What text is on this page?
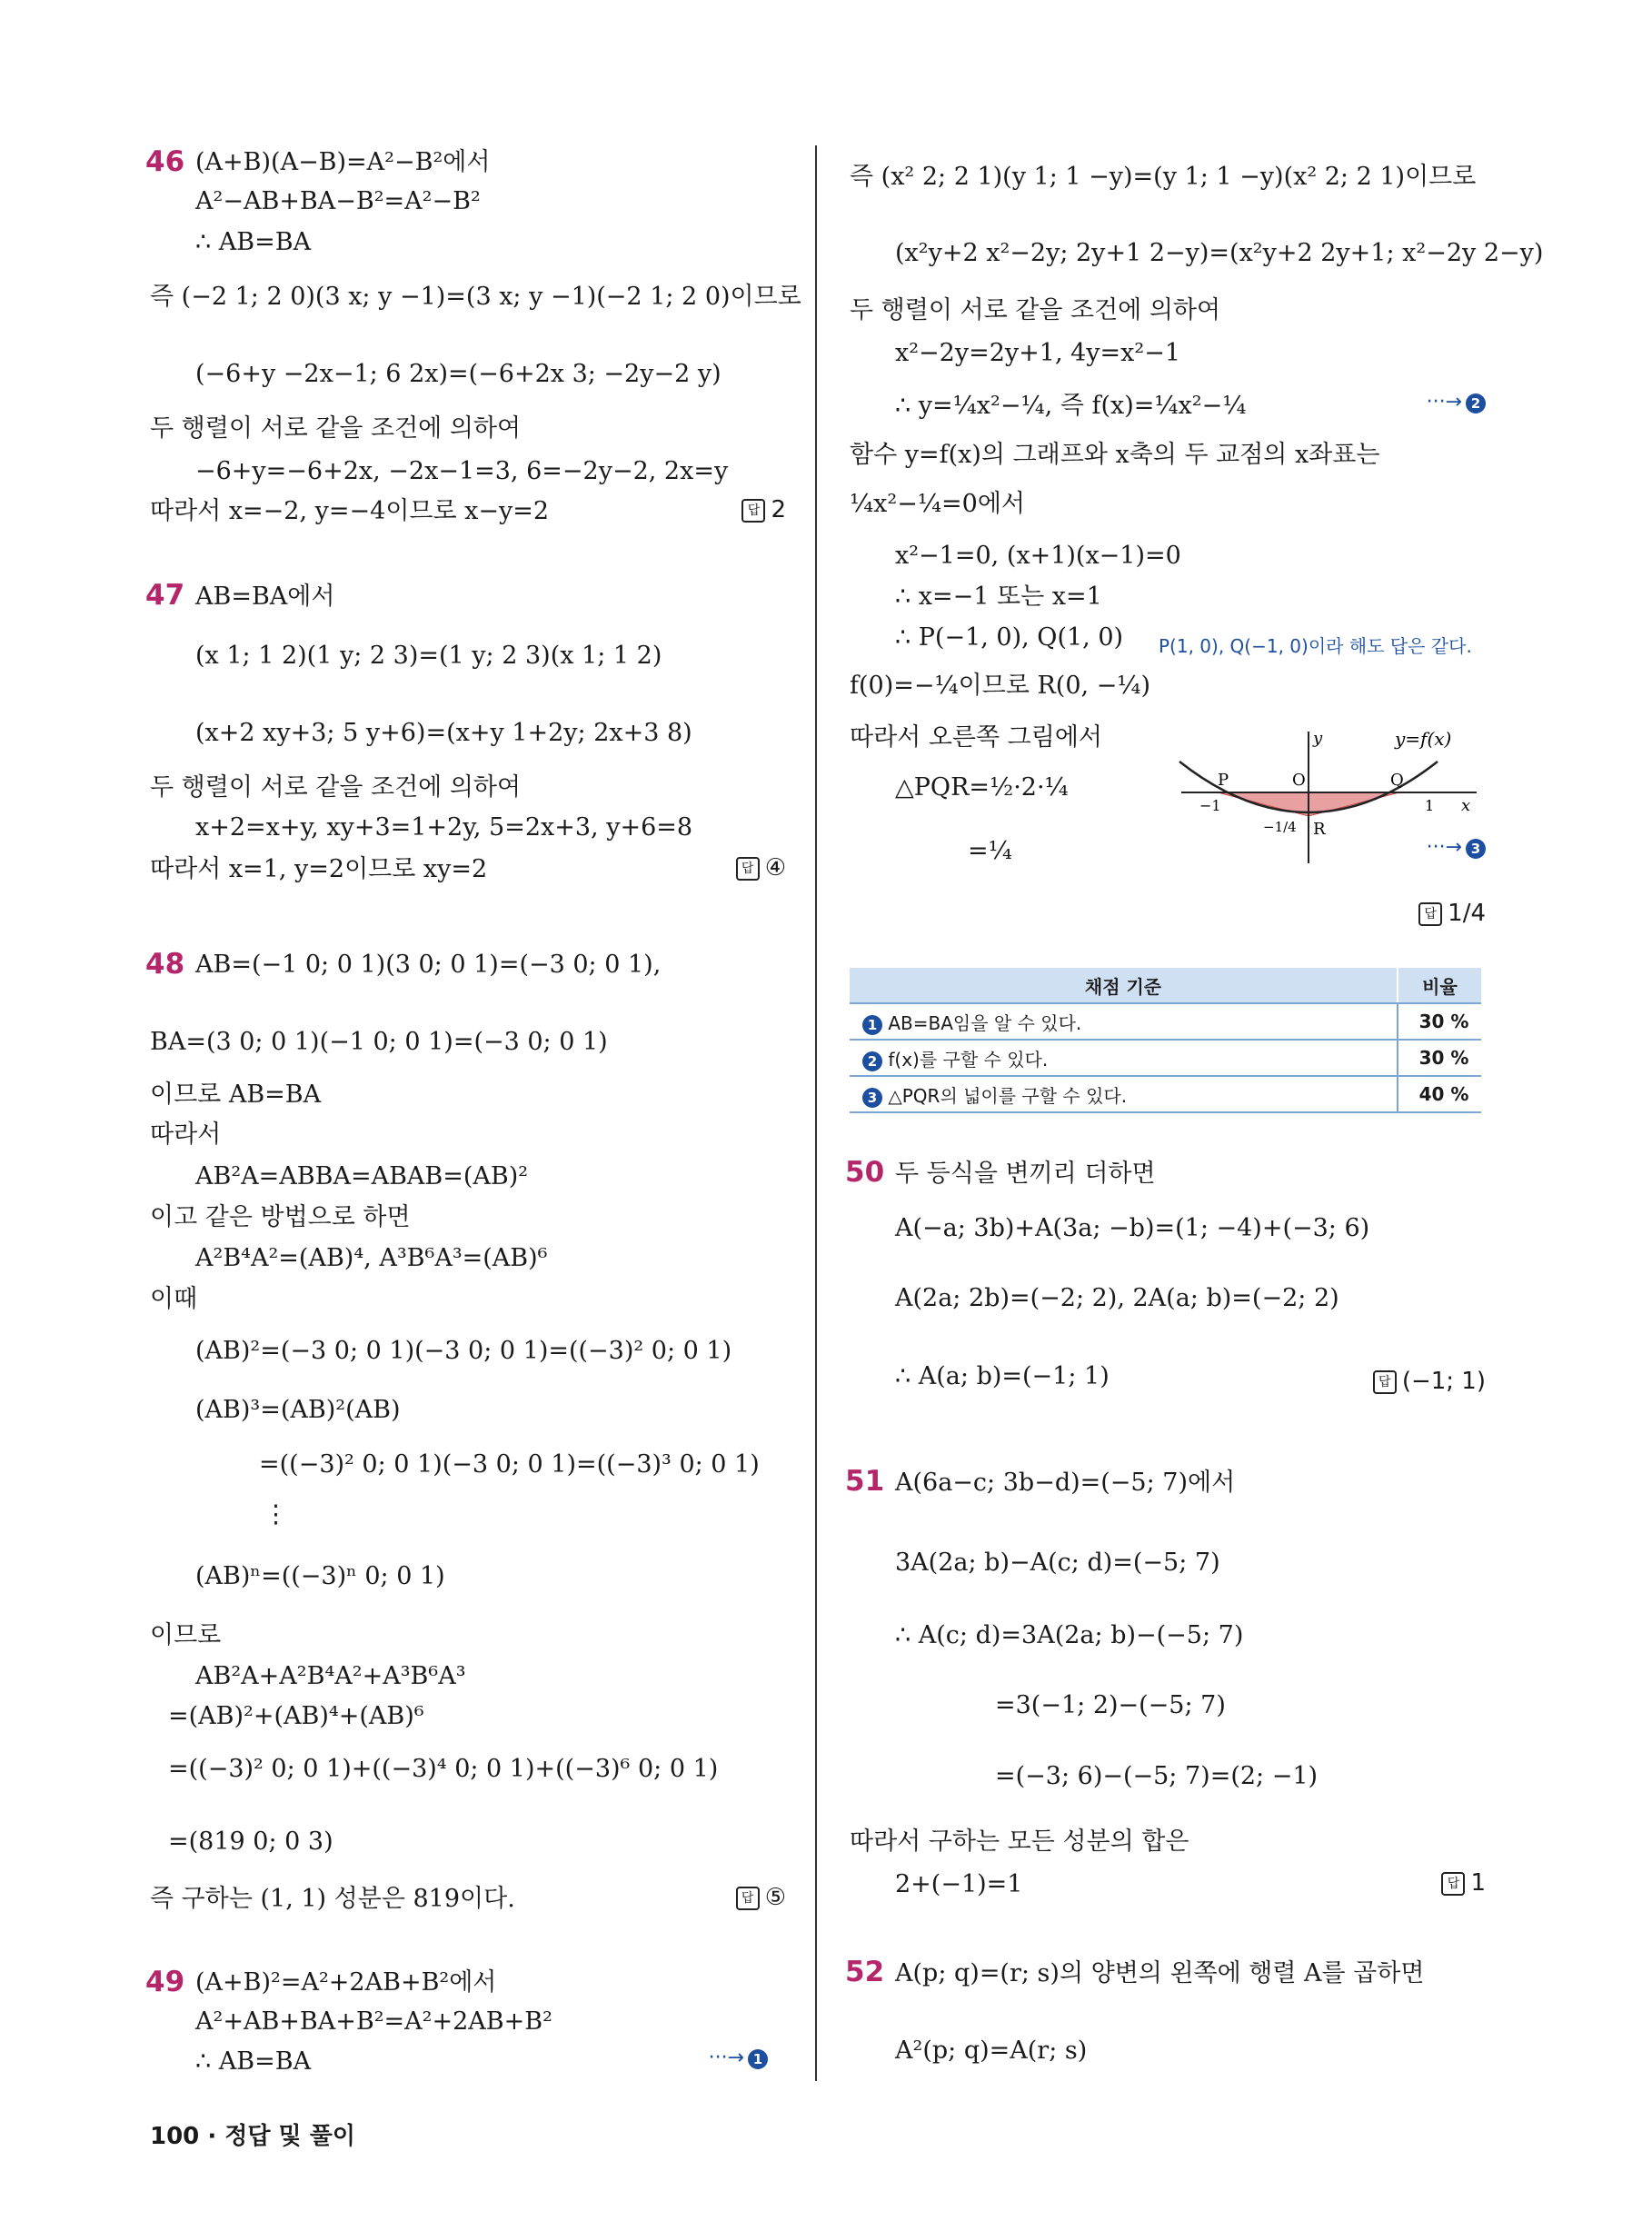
(A+B)(A−B)=A²−B²에서
A²−AB+BA−B²=A²−B²
∴ AB=BA
즉 (−2 1; 2 0)(3 x; y −1)=(3 x; y −1)(−2 1; 2 0)이므로
(−6+y −2x−1; 6 2x)=(−6+2x 3; −2y−2 y)
두 행렬이 서로 같을 조건에 의하여
−6+y=−6+2x, −2x−1=3, 6=−2y−2, 2x=y
따라서 x=−2, y=−4이므로 x−y=2
AB=BA에서
(x 1; 1 2)(1 y; 2 3)=(1 y; 2 3)(x 1; 1 2)
(x+2 xy+3; 5 y+6)=(x+y 1+2y; 2x+3 8)
두 행렬이 서로 같을 조건에 의하여
x+2=x+y, xy+3=1+2y, 5=2x+3, y+6=8
따라서 x=1, y=2이므로 xy=2
AB=(−1 0; 0 1)(3 0; 0 1)=(−3 0; 0 1),
BA=(3 0; 0 1)(−1 0; 0 1)=(−3 0; 0 1)
이므로 AB=BA
따라서
AB²A=ABBA=ABAB=(AB)²
이고 같은 방법으로 하면
A²B⁴A²=(AB)⁴, A³B⁶A³=(AB)⁶
이때
(AB)²=(−3 0; 0 1)(−3 0; 0 1)=((−3)² 0; 0 1)
(AB)³=(AB)²(AB)
=((−3)² 0; 0 1)(−3 0; 0 1)=((−3)³ 0; 0 1)
⋮
(AB)ⁿ=((−3)ⁿ 0; 0 1)
이므로
AB²A+A²B⁴A²+A³B⁶A³
=(AB)²+(AB)⁴+(AB)⁶
=((−3)² 0; 0 1)+((−3)⁴ 0; 0 1)+((−3)⁶ 0; 0 1)
=(819 0; 0 3)
즉 구하는 (1, 1) 성분은 819이다.
(A+B)²=A²+2AB+B²에서
A²+AB+BA+B²=A²+2AB+B²
∴ AB=BA
46
47
48
49
답 2
답 ④
답 ⑤
···→ 1
즉 (x² 2; 2 1)(y 1; 1 −y)=(y 1; 1 −y)(x² 2; 2 1)이므로
(x²y+2 x²−2y; 2y+1 2−y)=(x²y+2 2y+1; x²−2y 2−y)
두 행렬이 서로 같을 조건에 의하여
x²−2y=2y+1, 4y=x²−1
∴ y=¼x²−¼, 즉 f(x)=¼x²−¼
함수 y=f(x)의 그래프와 x축의 두 교점의 x좌표는
¼x²−¼=0에서
x²−1=0, (x+1)(x−1)=0
∴ x=−1 또는 x=1
∴ P(−1, 0), Q(1, 0)
f(0)=−¼이므로 R(0, −¼)
따라서 오른쪽 그림에서
△PQR=½·2·¼
=¼
두 등식을 변끼리 더하면
A(−a; 3b)+A(3a; −b)=(1; −4)+(−3; 6)
A(2a; 2b)=(−2; 2), 2A(a; b)=(−2; 2)
∴ A(a; b)=(−1; 1)
A(6a−c; 3b−d)=(−5; 7)에서
3A(2a; b)−A(c; d)=(−5; 7)
∴ A(c; d)=3A(2a; b)−(−5; 7)
=3(−1; 2)−(−5; 7)
=(−3; 6)−(−5; 7)=(2; −1)
따라서 구하는 모든 성분의 합은
2+(−1)=1
A(p; q)=(r; s)의 양변의 왼쪽에 행렬 A를 곱하면
A²(p; q)=A(r; s)
50
51
52
답 1/4
답 (−1; 1)
답 1
···→ 2
···→ 3
y=f(x)
y
x
O
P	Q
R
−1	1
−1/4
P(1, 0), Q(−1, 0)이라 해도 답은 같다.
채점 기준	비율
1 AB=BA임을 알 수 있다.	30 %
2 f(x)를 구할 수 있다.	30 %
3 △PQR의 넓이를 구할 수 있다.	40 %
100 · 정답 및 풀이
